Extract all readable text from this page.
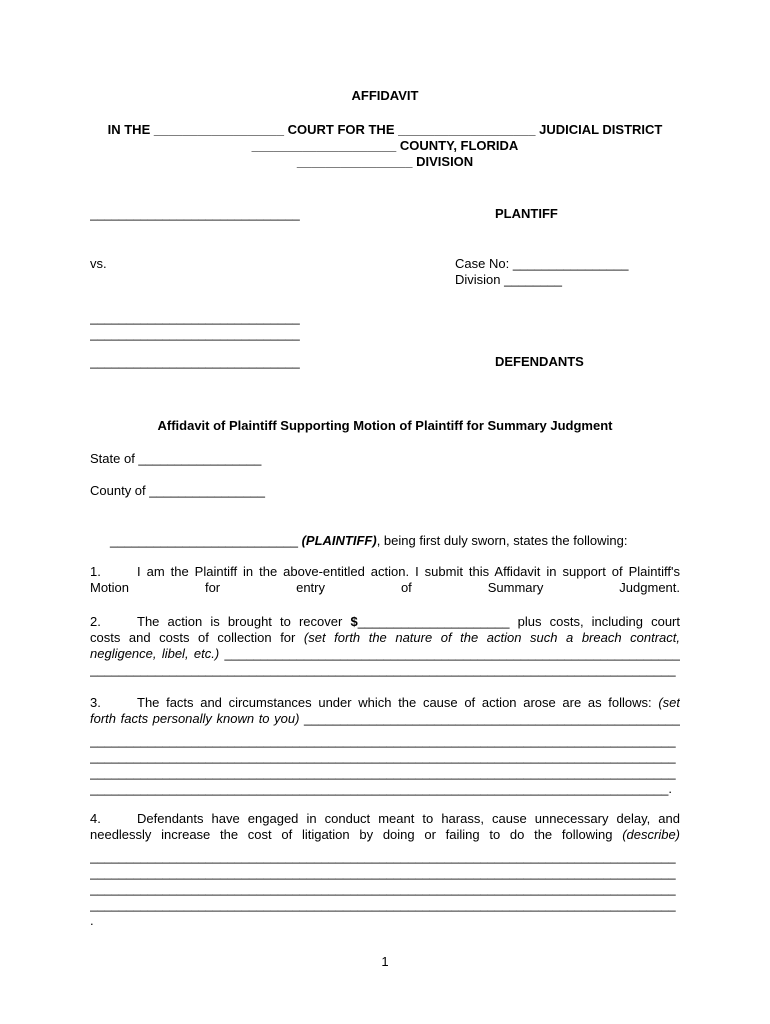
AFFIDAVIT
IN THE __________________ COURT FOR THE ___________________ JUDICIAL DISTRICT
____________________ COUNTY, FLORIDA
________________ DIVISION
_____________________________	PLANTIFF
vs.	Case No: ________________
Division ________
_____________________________
_____________________________
_____________________________	DEFENDANTS
Affidavit of Plaintiff Supporting Motion of Plaintiff for Summary Judgment
State of _________________
County of ________________
__________________________ (PLAINTIFF), being first duly sworn, states the following:
1.	I am the Plaintiff in the above-entitled action. I submit this Affidavit in support of Plaintiff's Motion for entry of Summary Judgment.
2.	The action is brought to recover $_____________________ plus costs, including court
costs and costs of collection for (set forth the nature of the action such a breach contract,
negligence, libel, etc.) _______________________________________________________________
_________________________________________________________________________________
3.	The facts and circumstances under which the cause of action arose are as follows: (set
forth facts personally known to you) ____________________________________________________
_________________________________________________________________________________
_________________________________________________________________________________
_________________________________________________________________________________
________________________________________________________________________________.
4.	Defendants have engaged in conduct meant to harass, cause unnecessary delay, and
needlessly increase the cost of litigation by doing or failing to do the following (describe)
_________________________________________________________________________________
_________________________________________________________________________________
_________________________________________________________________________________
_________________________________________________________________________________
.
1
